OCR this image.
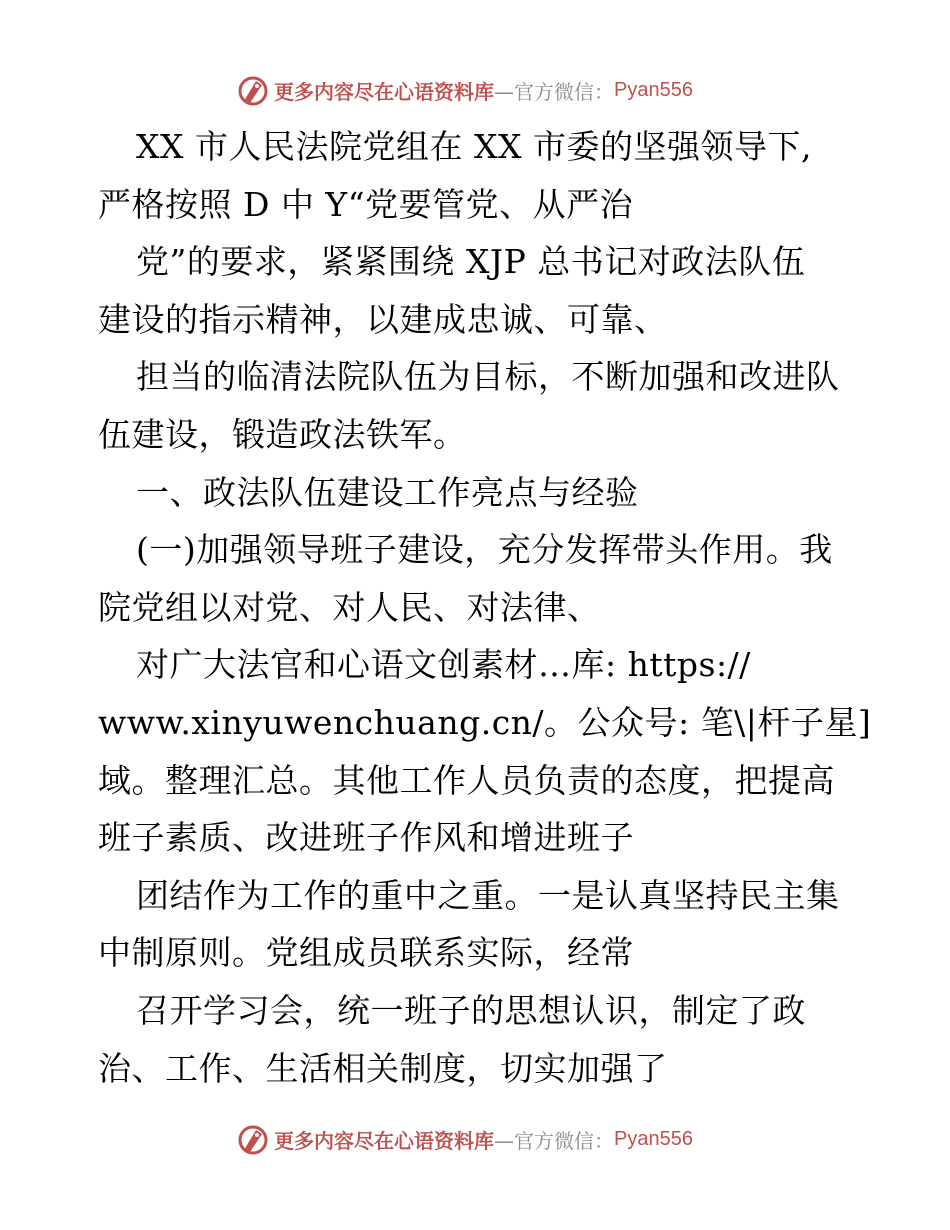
更多内容尽在心语资料库 —官方微信： Pyan556
XX 市人民法院党组在 XX 市委的坚强领导下,
严格按照 D 中 Y“党要管党、从严治
党”的要求，紧紧围绕 XJP 总书记对政法队伍
建设的指示精神，以建成忠诚、可靠、
担当的临清法院队伍为目标，不断加强和改进队
伍建设，锻造政法铁军。
一、政法队伍建设工作亮点与经验
(一)加强领导班子建设，充分发挥带头作用。我
院党组以对党、对人民、对法律、
对广大法官和心语文创素材…库: https://
www.xinyuwenchuang.cn/。公众号: 笔\|杆子星]
域。整理汇总。其他工作人员负责的态度，把提高
班子素质、改进班子作风和增进班子
团结作为工作的重中之重。一是认真坚持民主集
中制原则。党组成员联系实际，经常
召开学习会，统一班子的思想认识，制定了政
治、工作、生活相关制度，切实加强了
更多内容尽在心语资料库 —官方微信： Pyan556
